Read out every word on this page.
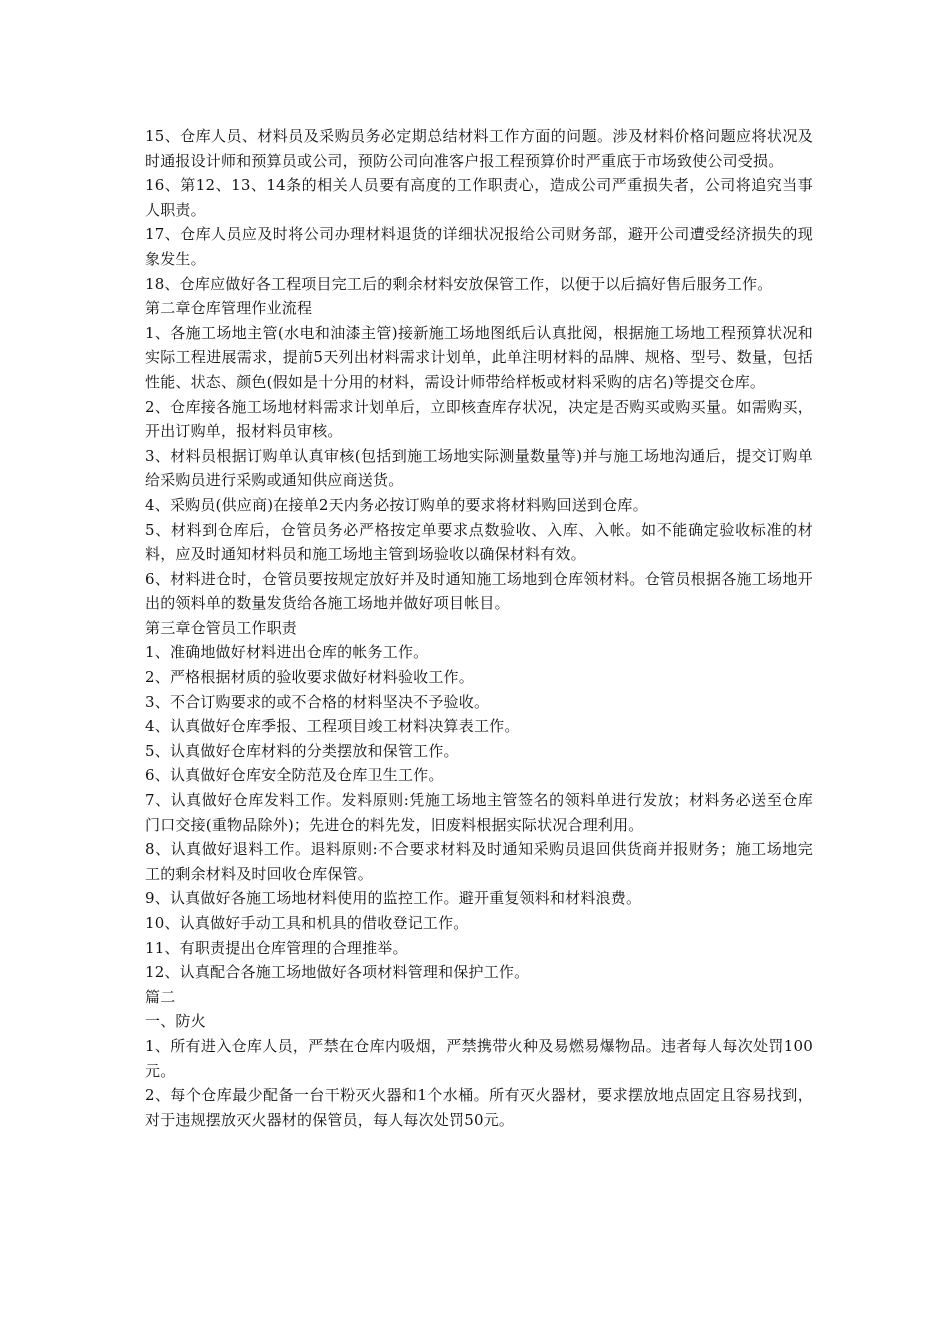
15、仓库人员、材料员及采购员务必定期总结材料工作方面的问题。涉及材料价格问题应将状况及时通报设计师和预算员或公司，预防公司向准客户报工程预算价时严重底于市场致使公司受损。

16、第12、13、14条的相关人员要有高度的工作职责心，造成公司严重损失者，公司将追究当事人职责。

17、仓库人员应及时将公司办理材料退货的详细状况报给公司财务部，避开公司遭受经济损失的现象发生。

18、仓库应做好各工程项目完工后的剩余材料安放保管工作，以便于以后搞好售后服务工作。

第二章仓库管理作业流程

1、各施工场地主管(水电和油漆主管)接新施工场地图纸后认真批阅，根据施工场地工程预算状况和实际工程进展需求，提前5天列出材料需求计划单，此单注明材料的品牌、规格、型号、数量，包括性能、状态、颜色(假如是十分用的材料，需设计师带给样板或材料采购的店名)等提交仓库。

2、仓库接各施工场地材料需求计划单后，立即核查库存状况，决定是否购买或购买量。如需购买，开出订购单，报材料员审核。

3、材料员根据订购单认真审核(包括到施工场地实际测量数量等)并与施工场地沟通后，提交订购单给采购员进行采购或通知供应商送货。

4、采购员(供应商)在接单2天内务必按订购单的要求将材料购回送到仓库。

5、材料到仓库后，仓管员务必严格按定单要求点数验收、入库、入帐。如不能确定验收标准的材料，应及时通知材料员和施工场地主管到场验收以确保材料有效。

6、材料进仓时，仓管员要按规定放好并及时通知施工场地到仓库领材料。仓管员根据各施工场地开出的领料单的数量发货给各施工场地并做好项目帐目。

第三章仓管员工作职责

1、准确地做好材料进出仓库的帐务工作。

2、严格根据材质的验收要求做好材料验收工作。

3、不合订购要求的或不合格的材料坚决不予验收。

4、认真做好仓库季报、工程项目竣工材料决算表工作。

5、认真做好仓库材料的分类摆放和保管工作。

6、认真做好仓库安全防范及仓库卫生工作。

7、认真做好仓库发料工作。发料原则:凭施工场地主管签名的领料单进行发放；材料务必送至仓库门口交接(重物品除外)；先进仓的料先发，旧废料根据实际状况合理利用。

8、认真做好退料工作。退料原则:不合要求材料及时通知采购员退回供货商并报财务；施工场地完工的剩余材料及时回收仓库保管。

9、认真做好各施工场地材料使用的监控工作。避开重复领料和材料浪费。

10、认真做好手动工具和机具的借收登记工作。

11、有职责提出仓库管理的合理推举。

12、认真配合各施工场地做好各项材料管理和保护工作。

篇二

一、防火

1、所有进入仓库人员，严禁在仓库内吸烟，严禁携带火种及易燃易爆物品。违者每人每次处罚100元。

2、每个仓库最少配备一台干粉灭火器和1个水桶。所有灭火器材，要求摆放地点固定且容易找到，对于违规摆放灭火器材的保管员，每人每次处罚50元。
